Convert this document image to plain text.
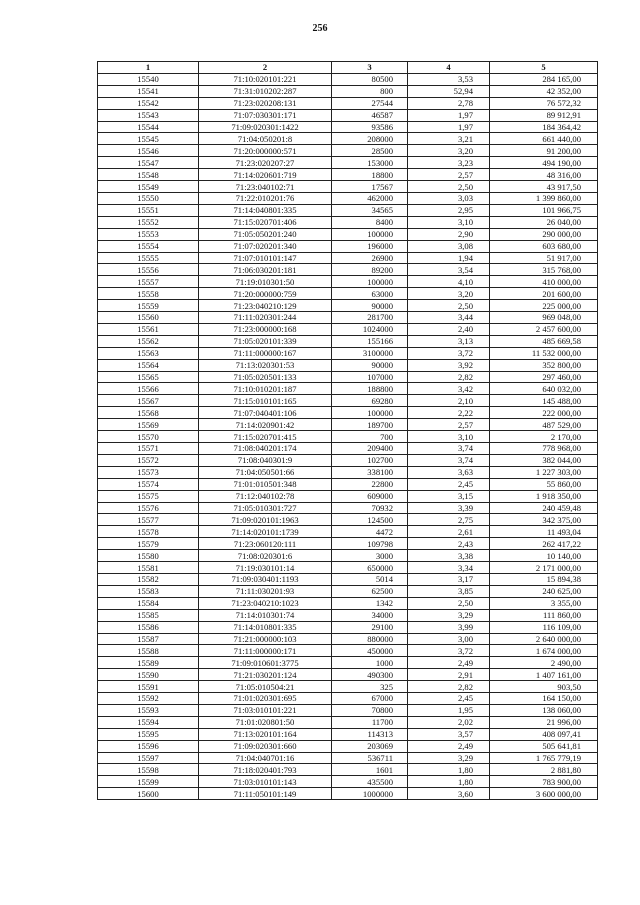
256
1	2	3	4	5
15540	71:10:020101:221	80500	3,53	284 165,00
15541	71:31:010202:287	800	52,94	42 352,00
15542	71:23:020208:131	27544	2,78	76 572,32
15543	71:07:030301:171	46587	1,97	89 912,91
15544	71:09:020301:1422	93586	1,97	184 364,42
15545	71:04:050201:8	208000	3,21	661 440,00
15546	71:20:000000:571	28500	3,20	91 200,00
15547	71:23:020207:27	153000	3,23	494 190,00
15548	71:14:020601:719	18800	2,57	48 316,00
15549	71:23:040102:71	17567	2,50	43 917,50
15550	71:22:010201:76	462000	3,03	1 399 860,00
15551	71:14:040801:335	34565	2,95	101 966,75
15552	71:15:020701:406	8400	3,10	26 040,00
15553	71:05:050201:240	100000	2,90	290 000,00
15554	71:07:020201:340	196000	3,08	603 680,00
15555	71:07:010101:147	26900	1,94	51 917,00
15556	71:06:030201:181	89200	3,54	315 768,00
15557	71:19:010301:50	100000	4,10	410 000,00
15558	71:20:000000:759	63000	3,20	201 600,00
15559	71:23:040210:129	90000	2,50	225 000,00
15560	71:11:020301:244	281700	3,44	969 048,00
15561	71:23:000000:168	1024000	2,40	2 457 600,00
15562	71:05:020101:339	155166	3,13	485 669,58
15563	71:11:000000:167	3100000	3,72	11 532 000,00
15564	71:13:020301:53	90000	3,92	352 800,00
15565	71:05:020501:133	107000	2,82	297 460,00
15566	71:10:010201:187	188800	3,42	640 032,00
15567	71:15:010101:165	69280	2,10	145 488,00
15568	71:07:040401:106	100000	2,22	222 000,00
15569	71:14:020901:42	189700	2,57	487 529,00
15570	71:15:020701:415	700	3,10	2 170,00
15571	71:08:040201:174	209400	3,74	778 968,00
15572	71:08:040301:9	102700	3,74	382 044,00
15573	71:04:050501:66	338100	3,63	1 227 303,00
15574	71:01:010501:348	22800	2,45	55 860,00
15575	71:12:040102:78	609000	3,15	1 918 350,00
15576	71:05:010301:727	70932	3,39	240 459,48
15577	71:09:020101:1963	124500	2,75	342 375,00
15578	71:14:020101:1739	4472	2,61	11 493,04
15579	71:23:060120:111	109798	2,43	262 417,22
15580	71:08:020301:6	3000	3,38	10 140,00
15581	71:19:030101:14	650000	3,34	2 171 000,00
15582	71:09:030401:1193	5014	3,17	15 894,38
15583	71:11:030201:93	62500	3,85	240 625,00
15584	71:23:040210:1023	1342	2,50	3 355,00
15585	71:14:010301:74	34000	3,29	111 860,00
15586	71:14:010801:335	29100	3,99	116 109,00
15587	71:21:000000:103	880000	3,00	2 640 000,00
15588	71:11:000000:171	450000	3,72	1 674 000,00
15589	71:09:010601:3775	1000	2,49	2 490,00
15590	71:21:030201:124	490300	2,91	1 407 161,00
15591	71:05:010504:21	325	2,82	903,50
15592	71:01:020301:695	67000	2,45	164 150,00
15593	71:03:010101:221	70800	1,95	138 060,00
15594	71:01:020801:50	11700	2,02	21 996,00
15595	71:13:020101:164	114313	3,57	408 097,41
15596	71:09:020301:660	203069	2,49	505 641,81
15597	71:04:040701:16	536711	3,29	1 765 779,19
15598	71:18:020401:793	1601	1,80	2 881,80
15599	71:03:010101:143	435500	1,80	783 900,00
15600	71:11:050101:149	1000000	3,60	3 600 000,00
